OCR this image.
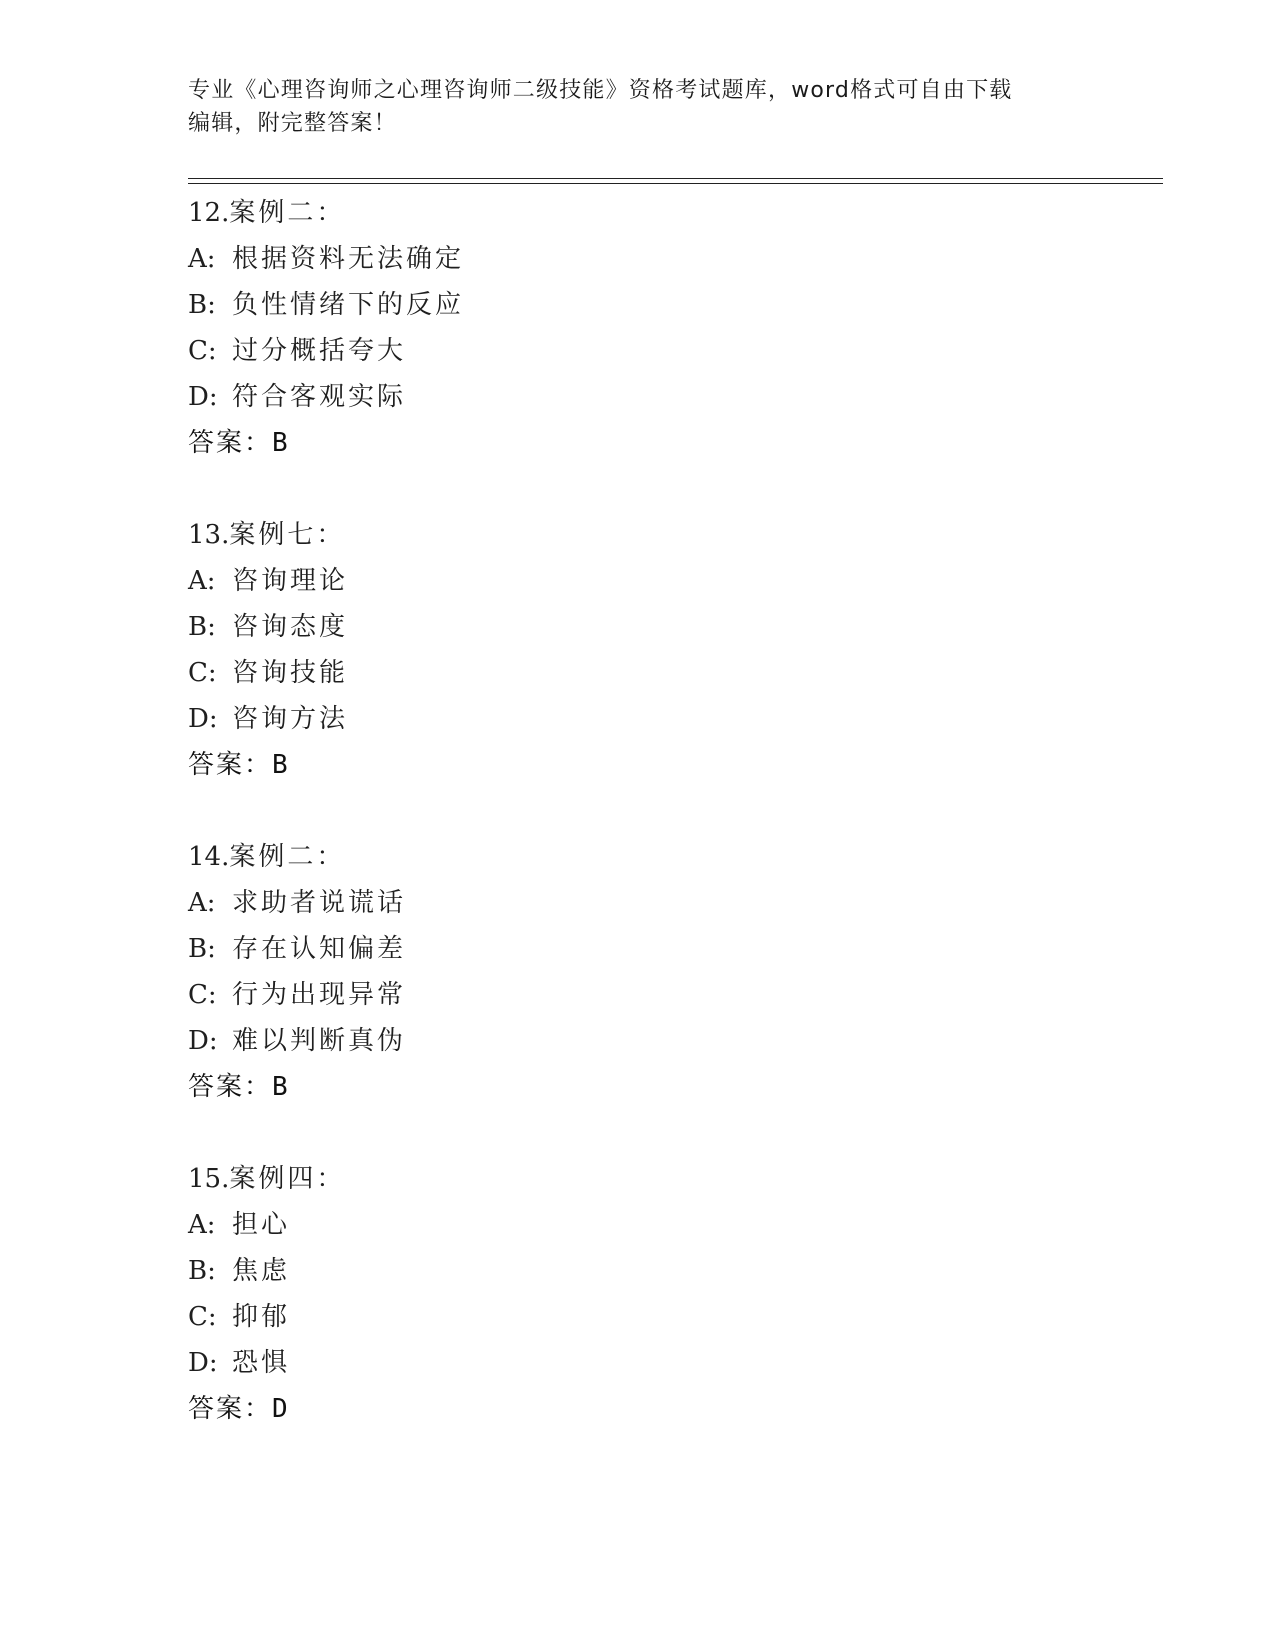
专业《心理咨询师之心理咨询师二级技能》资格考试题库，word格式可自由下载
编辑，附完整答案！
12.案例二：
A: 根据资料无法确定
B: 负性情绪下的反应
C: 过分概括夸大
D: 符合客观实际
答案：B
13.案例七：
A: 咨询理论
B: 咨询态度
C: 咨询技能
D: 咨询方法
答案：B
14.案例二：
A: 求助者说谎话
B: 存在认知偏差
C: 行为出现异常
D: 难以判断真伪
答案：B
15.案例四：
A: 担心
B: 焦虑
C: 抑郁
D: 恐惧
答案：D
